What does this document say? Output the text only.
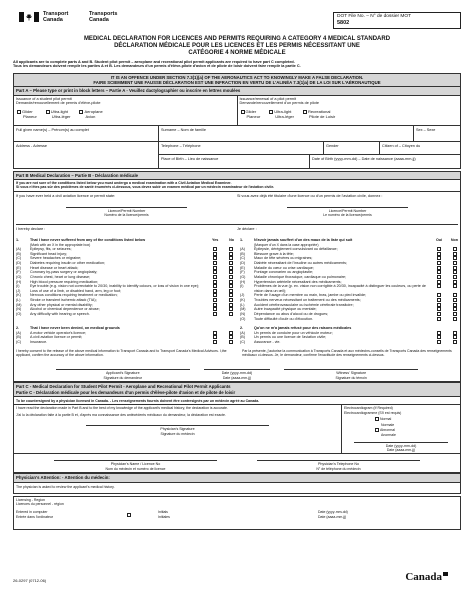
Transport
Canada
Transports
Canada
DOT File No. – N° de dossier MOT
5802
MEDICAL DECLARATION FOR LICENCES AND PERMITS REQUIRING A CATEGORY 4 MEDICAL STANDARD
DÉCLARATION MÉDICALE POUR LES LICENCES ET LES PERMIS NÉCESSITANT UNE
CATÉGORIE 4 NORME MÉDICALE
All applicants are to complete parts A and B. Student pilot permit – aeroplane and recreational pilot permit applicants are required to have part C completed.
Tous les demandeurs doivent remplir les parties A et B. Les demandeurs d'un permis d'élève-pilote d'avion et de pilote de loisir doivent faire remplir la partie C.
IT IS AN OFFENCE UNDER SECTION 7.3(1)(a) OF THE AERONAUTICS ACT TO KNOWINGLY MAKE A FALSE DECLARATION.
FAIRE SCIEMMENT UNE FAUSSE DÉCLARATION EST UNE INFRACTION EN VERTU DE L'ALINÉA 7.3(1)a) DE LA LOI SUR L'AÉRONAUTIQUE
Part A – Please type or print in block letters – Partie A - Veuillez dactylographier ou inscrire en lettres moulées
Issuance of a student pilot permit
Demande/renouvellement de permis d'élève-pilote
Glider
Planeur
Ultra-light
Ultra-léger
Aeroplane
Avion
Issuance/renewal of a pilot permit
Demande/renouvellement d'un permis de pilote
Glider
Planeur
Ultra-light
Ultra-léger
Recreational
Pilote de Loisir
Full given name(s) – Prénom(s) au complet	Surname – Nom de famille	Sex – Sexe
Address - Adresse	Telephone – Téléphone	Gender	Citizen of – Citoyen du
Place of Birth – Lieu de naissance	Date of Birth (yyyy-mm-dd) – Date de naissance (aaaa-mm-jj)
Part B Medical Declaration – Partie B - Déclaration médicale
If you are not sure of the conditions listed below you must undergo a medical examination with a Civil Aviation Medical Examiner.
Si vous n'êtes pas sûr des problèmes de santé énumérés ci-dessous, vous devez subir un examen médical par un médecin examinateur de l'aviation civile.
If you have ever held a civil aviation licence or permit state:	Si vous avez déjà été titulaire d'une licence ou d'un permis de l'aviation civile, donnez :
Licence/Permit Number
Numéro de la licence/permis
Licence/Permit Number
Le numéro de la licence/permis
I hereby declare :	Je déclare :
1.	That I have never suffered from any of the conditions listed below	Yes	No
(Mark with an X in the appropriate box)
(A)	Epilepsy, fits, or seizures;
(B)	Significant head injury;
(C)	Severe headaches or migraine;
(D)	Diabetes requiring insulin or other medication;
(E)	Heart disease or heart attack;
(F)	Coronary by-pass surgery or angioplasty;
(G)	Chronic chest, heart or lung disease;
(H)	High blood pressure requiring medication;
(I)	Eye trouble (e.g. vision not correctable to 20/30, inability to identify colours, or loss of vision in one eye);
(J)	Loss of use of a limb, or disabled hand, arm, leg or foot;
(K)	Nervous conditions requiring treatment or medication;
(L)	Stroke or transient ischemic attack (TIA);
(M)	Any other physical or mental disability;
(N)	Alcohol or chemical dependence or abuse;
(O)	Any difficulty with hearing or speech.
1.	N'avoir jamais souffert d'un des maux de la liste qui suit	Oui Non
(Marquer d'un X dans la case appropriée)
(A)	Épilepsie, dérèglement convulsivant ou défaillance;
(B)	Blessure grave à la tête;
(C)	Maux de tête sévères ou migraines;
(D)	Diabète nécessitant de l'insuline ou autres médicaments;
(E)	Maladie du cœur ou crise cardiaque;
(F)	Pontage coronarien ou angioplastie;
(G)	Maladie chronique thoracique, cardiaque ou pulmonaire;
(H)	Hypertension artérielle nécessitant des médicaments;
(I)	Problèmes de la vue (p. ex. vision non corrigible à 20/30, incapacité à distinguer les couleurs, ou perte de vision dans un œil);
(J)	Perte de l'usage d'un membre ou main, bras, jambe ou pied invalide;
(K)	Troubles nerveux nécessitant un traitement ou des médicaments;
(L)	Accident cérébrovasculaire ou ischémie cérébrale transitoire;
(M)	Autre incapacité physique ou mentale;
(N)	Dépendance ou abus d'alcool ou de drogues;
(O)	Toute difficulté d'ouïe ou d'élocution.
2.	That I have never been denied, on medical grounds
(A)	A motor vehicle operator's licence;
(B)	A civil aviation licence or permit;
(C)	Insurance.
2.	Qu'on ne m'a jamais refusé pour des raisons médicales
(A)	Un permis de conduire pour un véhicule moteur;
(B)	Un permis ou une licence de l'aviation civile;
(C)	Assurance - vie.
I hereby consent to the release of the above medical information to Transport Canada and to Transport Canada's Medical Advisors. I,the applicant, confirm the accuracy of the above information.
Par la présente, j'autorise la communication à Transports Canada et aux médecins-conseils de Transports Canada des renseignements médicaux ci-dessus. Je, le demandeur, confirme l'exactitude des renseignements ci-dessus.
Applicant's Signature
Signature du demandeur
Date (yyyy-mm-dd)
Date (aaaa-mm-jj)
Witness' Signature
Signature du témoin
Part C - Medical Declaration for Student Pilot Permit - Aeroplane and Recreational Pilot Permit Applicants
Partie C - Déclaration médicale pour les demandeurs d'un permis d'élève-pilote d'avion et de pilote de loisir
To be countersigned by a physician licensed in Canada. - Les renseignements fournis doivent être contresignés par un médecin agréé au Canada.
I have read the declaration made in Part B and to the best of my knowledge of the applicant's medical history, the declaration is accurate.
J'ai lu la déclaration faite à la partie B et, d'après ma connaissance des antécédents médicaux du demandeur, la déclaration est exacte.
Physician's Signature
Signature du médecin
Electrocardiogram (If Required)
Electrocardiogramme (S'il est requis)
Normal
Normale
Abnormal
Anormale
Date (yyyy-mm-dd)
Date (aaaa-mm-jj)
Physician's Name / Licence No
Nom du médecin et numéro de licence
Physician's Telephone No
N° de téléphone du médecin
Physician's Attention: - Attention du médecin:
The physician is asked to review the applicant's medical history.
Licensing - Region
Licences du personnel - région
Entered in computer
Entrée dans l'ordinateur
Initials
Initiales
Date (yyyy-mm-dd)
Date (aaaa-mm-jj)
26-0297 (0712-06)	Canada
